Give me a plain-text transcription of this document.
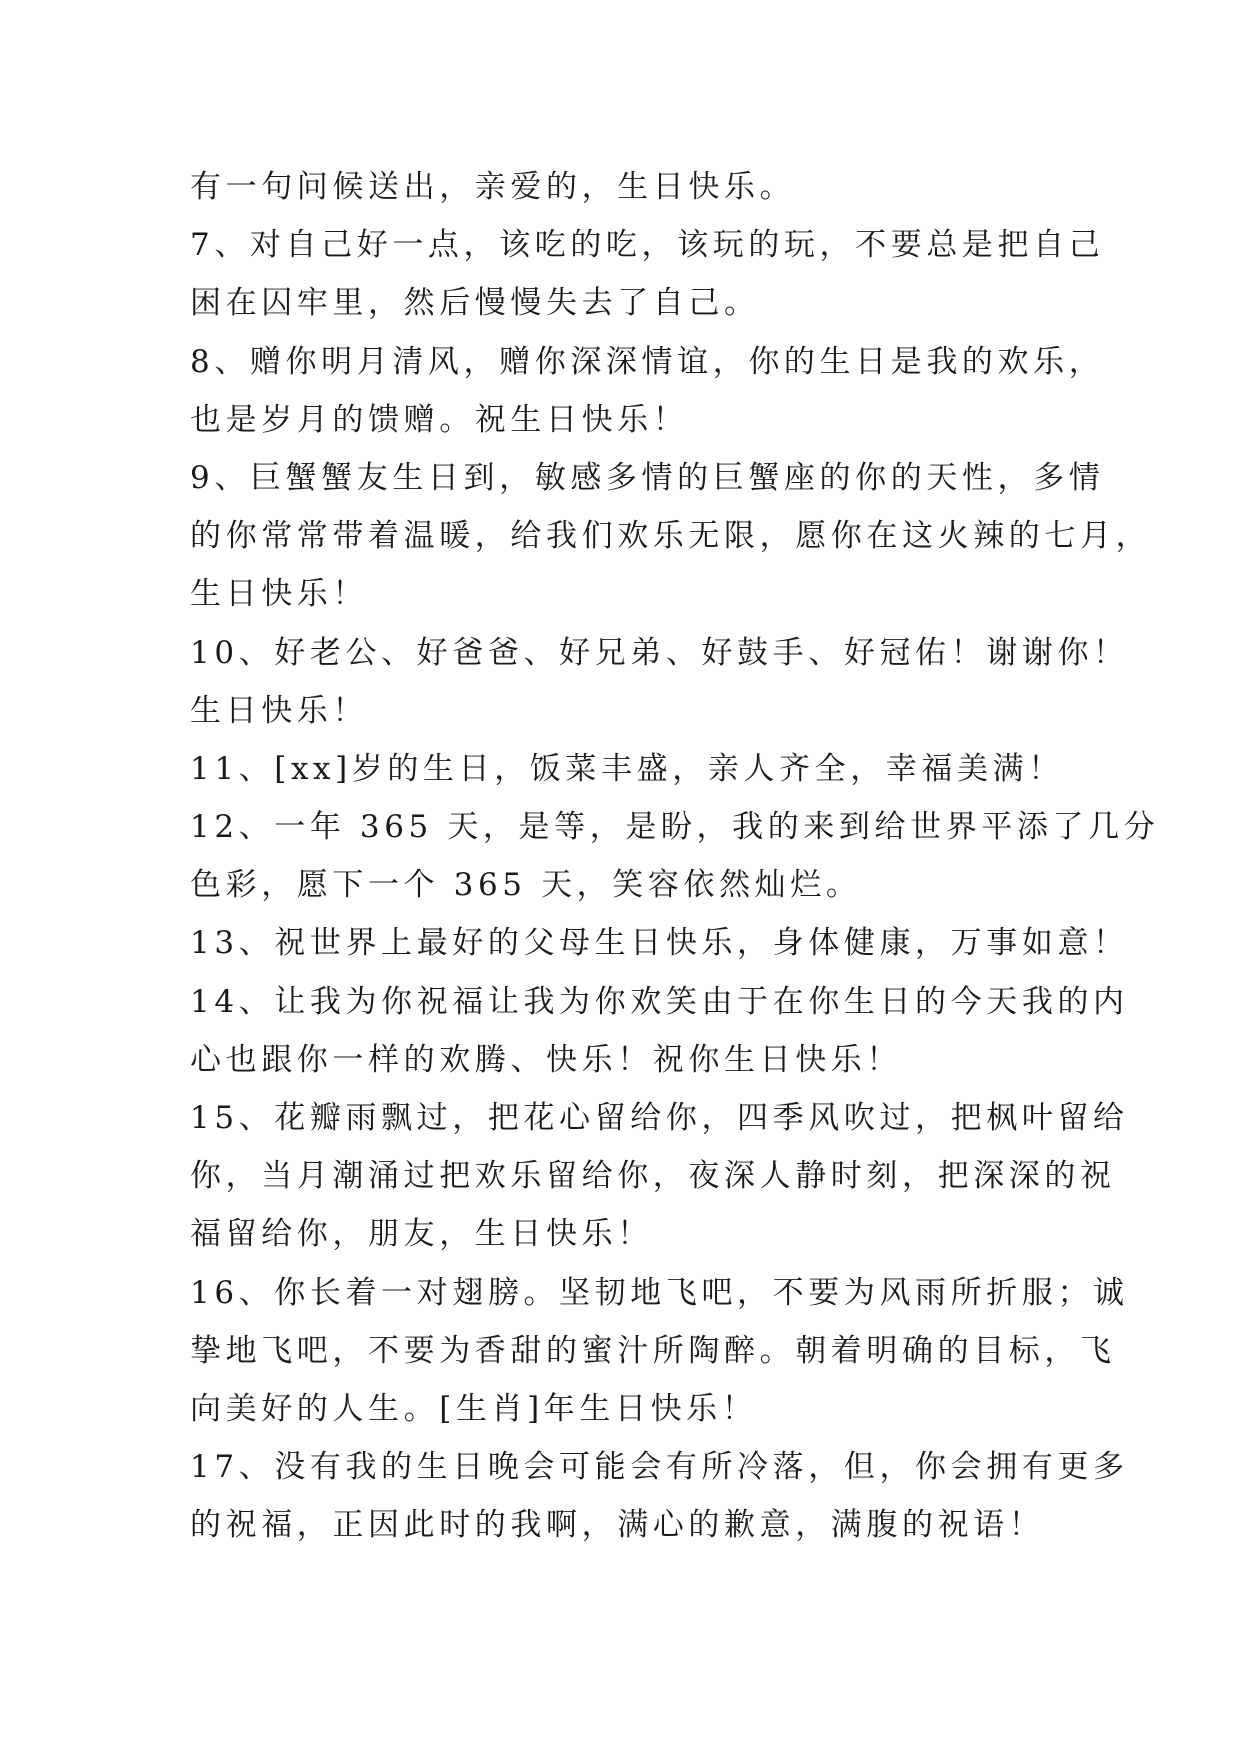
有一句问候送出，亲爱的，生日快乐。
7、对自己好一点，该吃的吃，该玩的玩，不要总是把自己
困在囚牢里，然后慢慢失去了自己。
8、赠你明月清风，赠你深深情谊，你的生日是我的欢乐，
也是岁月的馈赠。祝生日快乐！
9、巨蟹蟹友生日到，敏感多情的巨蟹座的你的天性，多情
的你常常带着温暖，给我们欢乐无限，愿你在这火辣的七月，
生日快乐！
10、好老公、好爸爸、好兄弟、好鼓手、好冠佑！谢谢你！
生日快乐！
11、[xx]岁的生日，饭菜丰盛，亲人齐全，幸福美满！
12、一年 365 天，是等，是盼，我的来到给世界平添了几分
色彩，愿下一个 365 天，笑容依然灿烂。
13、祝世界上最好的父母生日快乐，身体健康，万事如意！
14、让我为你祝福让我为你欢笑由于在你生日的今天我的内
心也跟你一样的欢腾、快乐！祝你生日快乐！
15、花瓣雨飘过，把花心留给你，四季风吹过，把枫叶留给
你，当月潮涌过把欢乐留给你，夜深人静时刻，把深深的祝
福留给你，朋友，生日快乐！
16、你长着一对翅膀。坚韧地飞吧，不要为风雨所折服；诚
挚地飞吧，不要为香甜的蜜汁所陶醉。朝着明确的目标，飞
向美好的人生。[生肖]年生日快乐！
17、没有我的生日晚会可能会有所冷落，但，你会拥有更多
的祝福，正因此时的我啊，满心的歉意，满腹的祝语！
